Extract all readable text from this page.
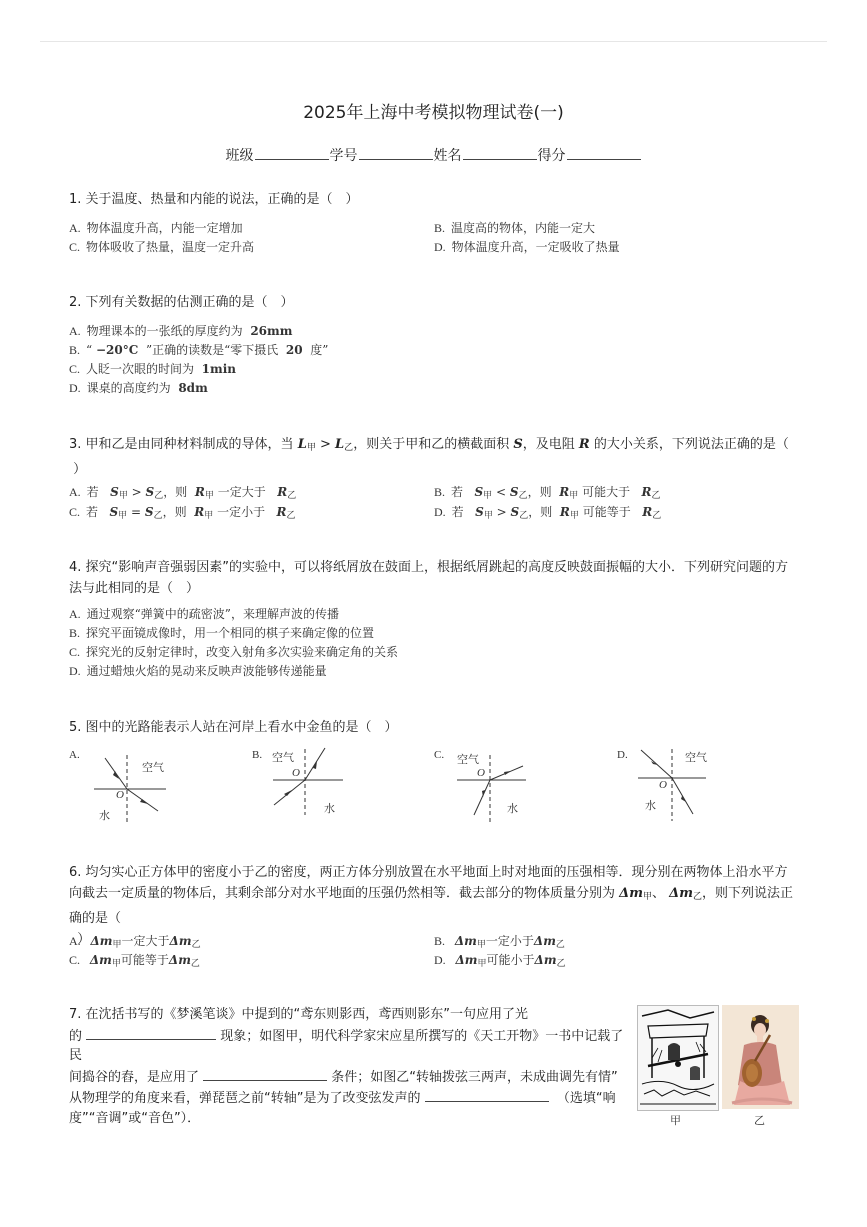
2025年上海中考模拟物理试卷(一)
班级	学号	姓名	得分
1. 关于温度、热量和内能的说法，正确的是（　）
A. 物体温度升高，内能一定增加	B. 温度高的物体，内能一定大
C. 物体吸收了热量，温度一定升高	D. 物体温度升高，一定吸收了热量
2. 下列有关数据的估测正确的是（　）
A. 物理课本的一张纸的厚度约为 26mm
B. “ −20°C ”正确的读数是“零下摄氏 20 度”
C. 人眨一次眼的时间为 1min
D. 课桌的高度约为 8dm
3. 甲和乙是由同种材料制成的导体，当 $L_甲 > L_乙$，则关于甲和乙的横截面积 S，及电阻 R 的大小关系，下列说法正确的是（
）
A. 若 $S_甲 > S_乙$，则 $R_甲$ 一定大于 $R_乙$	B. 若 $S_甲 < S_乙$，则 $R_甲$ 可能大于 $R_乙$
C. 若 $S_甲 = S_乙$，则 $R_甲$ 一定小于 $R_乙$	D. 若 $S_甲 > S_乙$，则 $R_甲$ 可能等于 $R_乙$
4. 探究“影响声音强弱因素”的实验中，可以将纸屑放在鼓面上，根据纸屑跳起的高度反映鼓面振幅的大小．下列研究问题的方法与此相同的是（　）
A. 通过观察“弹簧中的疏密波”，来理解声波的传播
B. 探究平面镜成像时，用一个相同的棋子来确定像的位置
C. 探究光的反射定律时，改变入射角多次实验来确定角的关系
D. 通过蜡烛火焰的晃动来反映声波能够传递能量
5. 图中的光路能表示人站在河岸上看水中金鱼的是（　）
A.
空气
O
水
B. 空气
O
水
C. 空气
O
水
D.	空气
O
水
6. 均匀实心正方体甲的密度小于乙的密度，两正方体分别放置在水平地面上时对地面的压强相等．现分别在两物体上沿水平方向截去一定质量的物体后，其剩余部分对水平地面的压强仍然相等．截去部分的物体质量分别为 $\Delta m_甲$、 $\Delta m_乙$，则下列说法正确的是（
）
A. $\Delta m_甲$一定大于$\Delta m_乙$	B. $\Delta m_甲$一定小于$\Delta m_乙$
C. $\Delta m_甲$可能等于$\Delta m_乙$	D. $\Delta m_甲$可能小于$\Delta m_乙$
7. 在沈括书写的《梦溪笔谈》中提到的“鸢东则影西，鸢西则影东”一句应用了光
的	现象；如图甲，明代科学家宋应星所撰写的《天工开物》一书中记载了民
间捣谷的舂，是应用了	条件；如图乙“转轴拨弦三两声，未成曲调先有情”
从物理学的角度来看，弹琵琶之前“转轴”是为了改变弦发声的	（选填“响
度”“音调”或“音色”）．	甲	乙
